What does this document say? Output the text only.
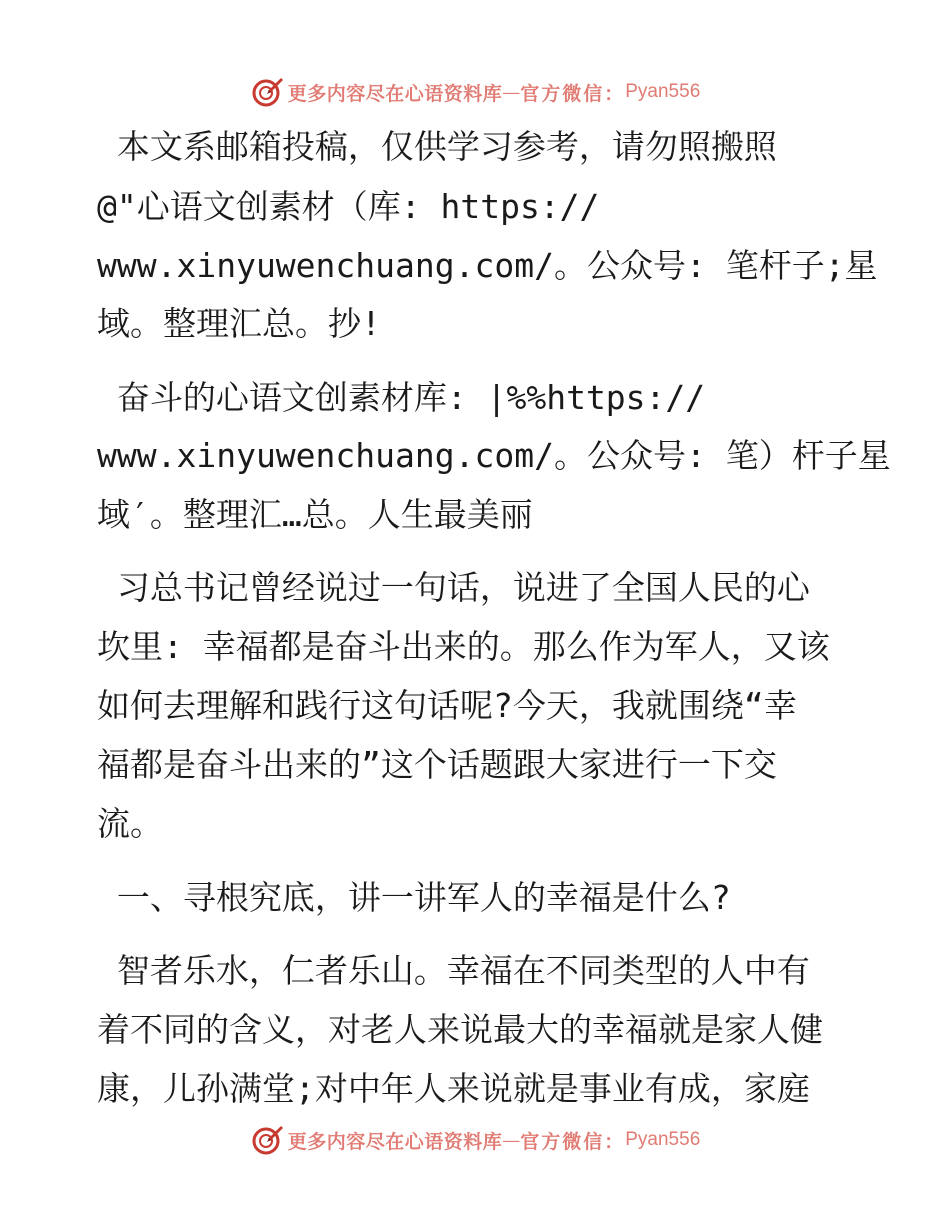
更多内容尽在心语资料库 — 官方微信： Pyan556
本文系邮箱投稿，仅供学习参考，请勿照搬照
@"心语文创素材（库: https://
www.xinyuwenchuang.com/。公众号: 笔杆子;星
域。整理汇总。抄!
奋斗的心语文创素材库: |%%https://
www.xinyuwenchuang.com/。公众号: 笔）杆子星
域′。整理汇…总。人生最美丽
习总书记曾经说过一句话，说进了全国人民的心
坎里: 幸福都是奋斗出来的。那么作为军人，又该
如何去理解和践行这句话呢?今天，我就围绕“幸
福都是奋斗出来的”这个话题跟大家进行一下交
流。
一、寻根究底，讲一讲军人的幸福是什么?
智者乐水，仁者乐山。幸福在不同类型的人中有
着不同的含义，对老人来说最大的幸福就是家人健
康，儿孙满堂;对中年人来说就是事业有成，家庭
更多内容尽在心语资料库 — 官方微信： Pyan556
